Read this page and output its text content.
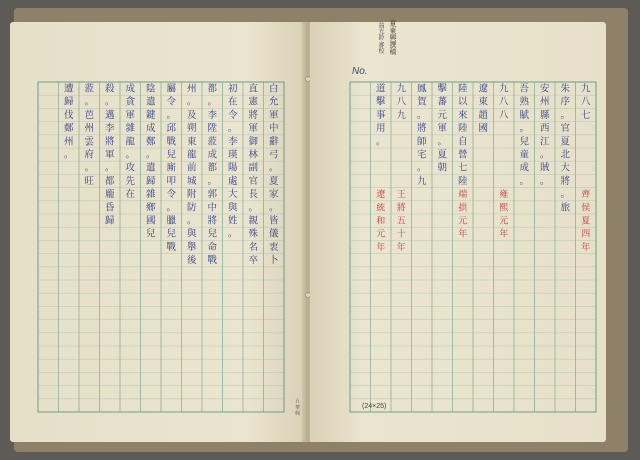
白
允
軍
中
辭
弓
。
夏
家
。
皆
儀
衷
卜
直
憲
將
軍
御
林
副
官
長
。
親
殊
名
卒
初
在
令
。
李
瑛
陽
處
大
與
姓
。
都
。
李
陞
蒞
成
都
。
郭
中
將
兒
命
戰
州
。
及
朔
東
龍
前
城
附
防
。
與
舉
後
屬
令
。
邱
戰
兒
廝
叩
令
。
臘
兒
戰
陰
遣
鍵
成
鄭
。
遣
歸
雜
鄉
國
兒
成
貪
軍
雜
龍
。
攻
先
在
殺
。
邁
李
將
軍
。
都
龐
昏
歸
蒞
。
芭
州
雲
府
。
旺
遭
歸
伐
鄭
州
。
齊
侯
夏
四
年
雍
熙
元
年
端
拱
元
年
王
將
五
十
年
遼
統
和
元
年
九
八
七
朱
序
。
官
夏
北
大
將
。
旅
安
州
縣
西
江
。
賊
。
吾
熟
賦
。
兒
童
成
。
九
八
八
遼
東
趙
國
陸
以
來
陸
自
營
七
陸
擊
蕃
元
軍
。
夏
朝
鳳
賀
。
將
師
宅
。
九
九
八
九
道
擊
事
用
。
No.
(24×25)
五 華 興
夏東興撰稿
翁光鈴 審校
